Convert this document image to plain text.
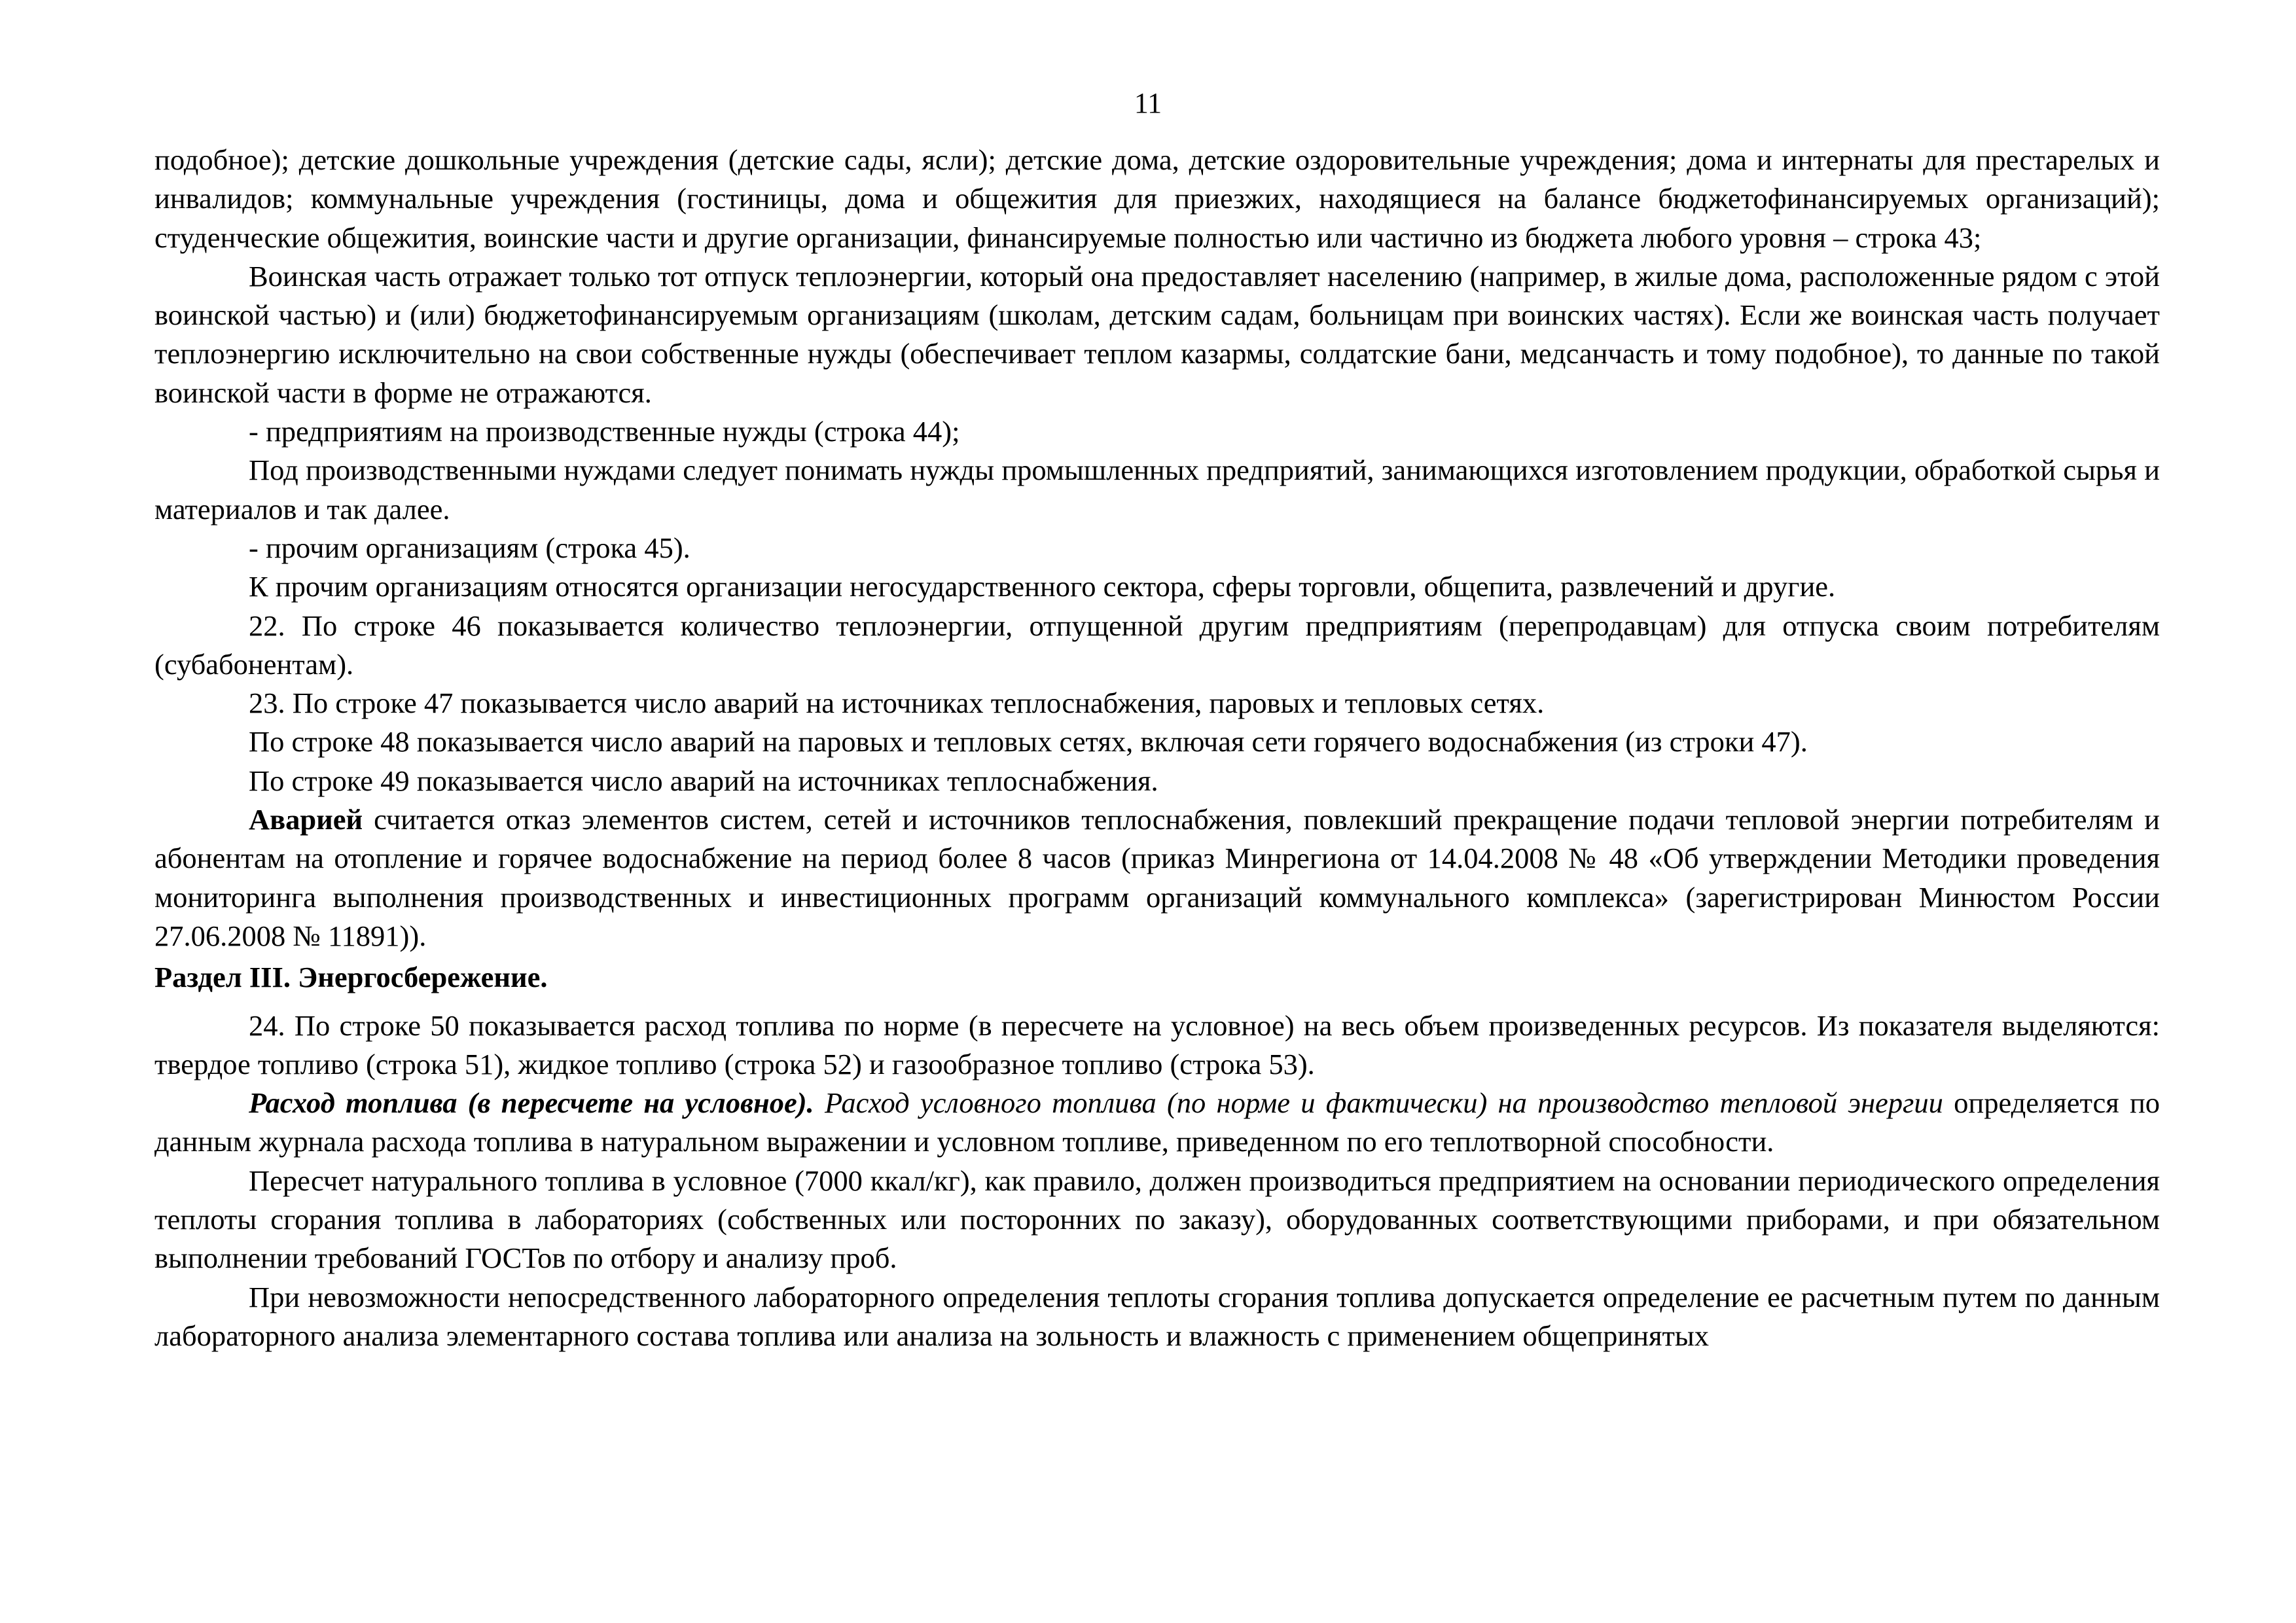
11

подобное); детские дошкольные учреждения (детские сады, ясли); детские дома, детские оздоровительные учреждения; дома и интернаты для престарелых и инвалидов; коммунальные учреждения (гостиницы, дома и общежития для приезжих, находящиеся на балансе бюджетофинансируемых организаций); студенческие общежития, воинские части и другие организации, финансируемые полностью или частично из бюджета любого уровня – строка 43;

Воинская часть отражает только тот отпуск теплоэнергии, который она предоставляет населению (например, в жилые дома, расположенные рядом с этой воинской частью) и (или) бюджетофинансируемым организациям (школам, детским садам, больницам при воинских частях). Если же воинская часть получает теплоэнергию исключительно на свои собственные нужды (обеспечивает теплом казармы, солдатские бани, медсанчасть и тому подобное), то данные по такой воинской части в форме не отражаются.

- предприятиям на производственные нужды (строка 44);

Под производственными нуждами следует понимать нужды промышленных предприятий, занимающихся изготовлением продукции, обработкой сырья и материалов и так далее.

- прочим организациям (строка 45).

К прочим организациям относятся организации негосударственного сектора, сферы торговли, общепита, развлечений и другие.

22. По строке 46 показывается количество теплоэнергии, отпущенной другим предприятиям (перепродавцам) для отпуска своим потребителям (субабонентам).

23. По строке 47 показывается число аварий на источниках теплоснабжения, паровых и тепловых сетях.

По строке 48 показывается число аварий на паровых и тепловых сетях, включая сети горячего водоснабжения (из строки 47).

По строке 49 показывается число аварий на источниках теплоснабжения.

Аварией считается отказ элементов систем, сетей и источников теплоснабжения, повлекший прекращение подачи тепловой энергии потребителям и абонентам на отопление и горячее водоснабжение на период более 8 часов (приказ Минрегиона от 14.04.2008 № 48 «Об утверждении Методики проведения мониторинга выполнения производственных и инвестиционных программ организаций коммунального комплекса» (зарегистрирован Минюстом России 27.06.2008 № 11891)).

Раздел III. Энергосбережение.

24. По строке 50 показывается расход топлива по норме (в пересчете на условное) на весь объем произведенных ресурсов. Из показателя выделяются: твердое топливо (строка 51), жидкое топливо (строка 52) и газообразное топливо (строка 53).

Расход топлива (в пересчете на условное). Расход условного топлива (по норме и фактически) на производство тепловой энергии определяется по данным журнала расхода топлива в натуральном выражении и условном топливе, приведенном по его теплотворной способности.

Пересчет натурального топлива в условное (7000 ккал/кг), как правило, должен производиться предприятием на основании периодического определения теплоты сгорания топлива в лабораториях (собственных или посторонних по заказу), оборудованных соответствующими приборами, и при обязательном выполнении требований ГОСТов по отбору и анализу проб.

При невозможности непосредственного лабораторного определения теплоты сгорания топлива допускается определение ее расчетным путем по данным лабораторного анализа элементарного состава топлива или анализа на зольность и влажность с применением общепринятых
